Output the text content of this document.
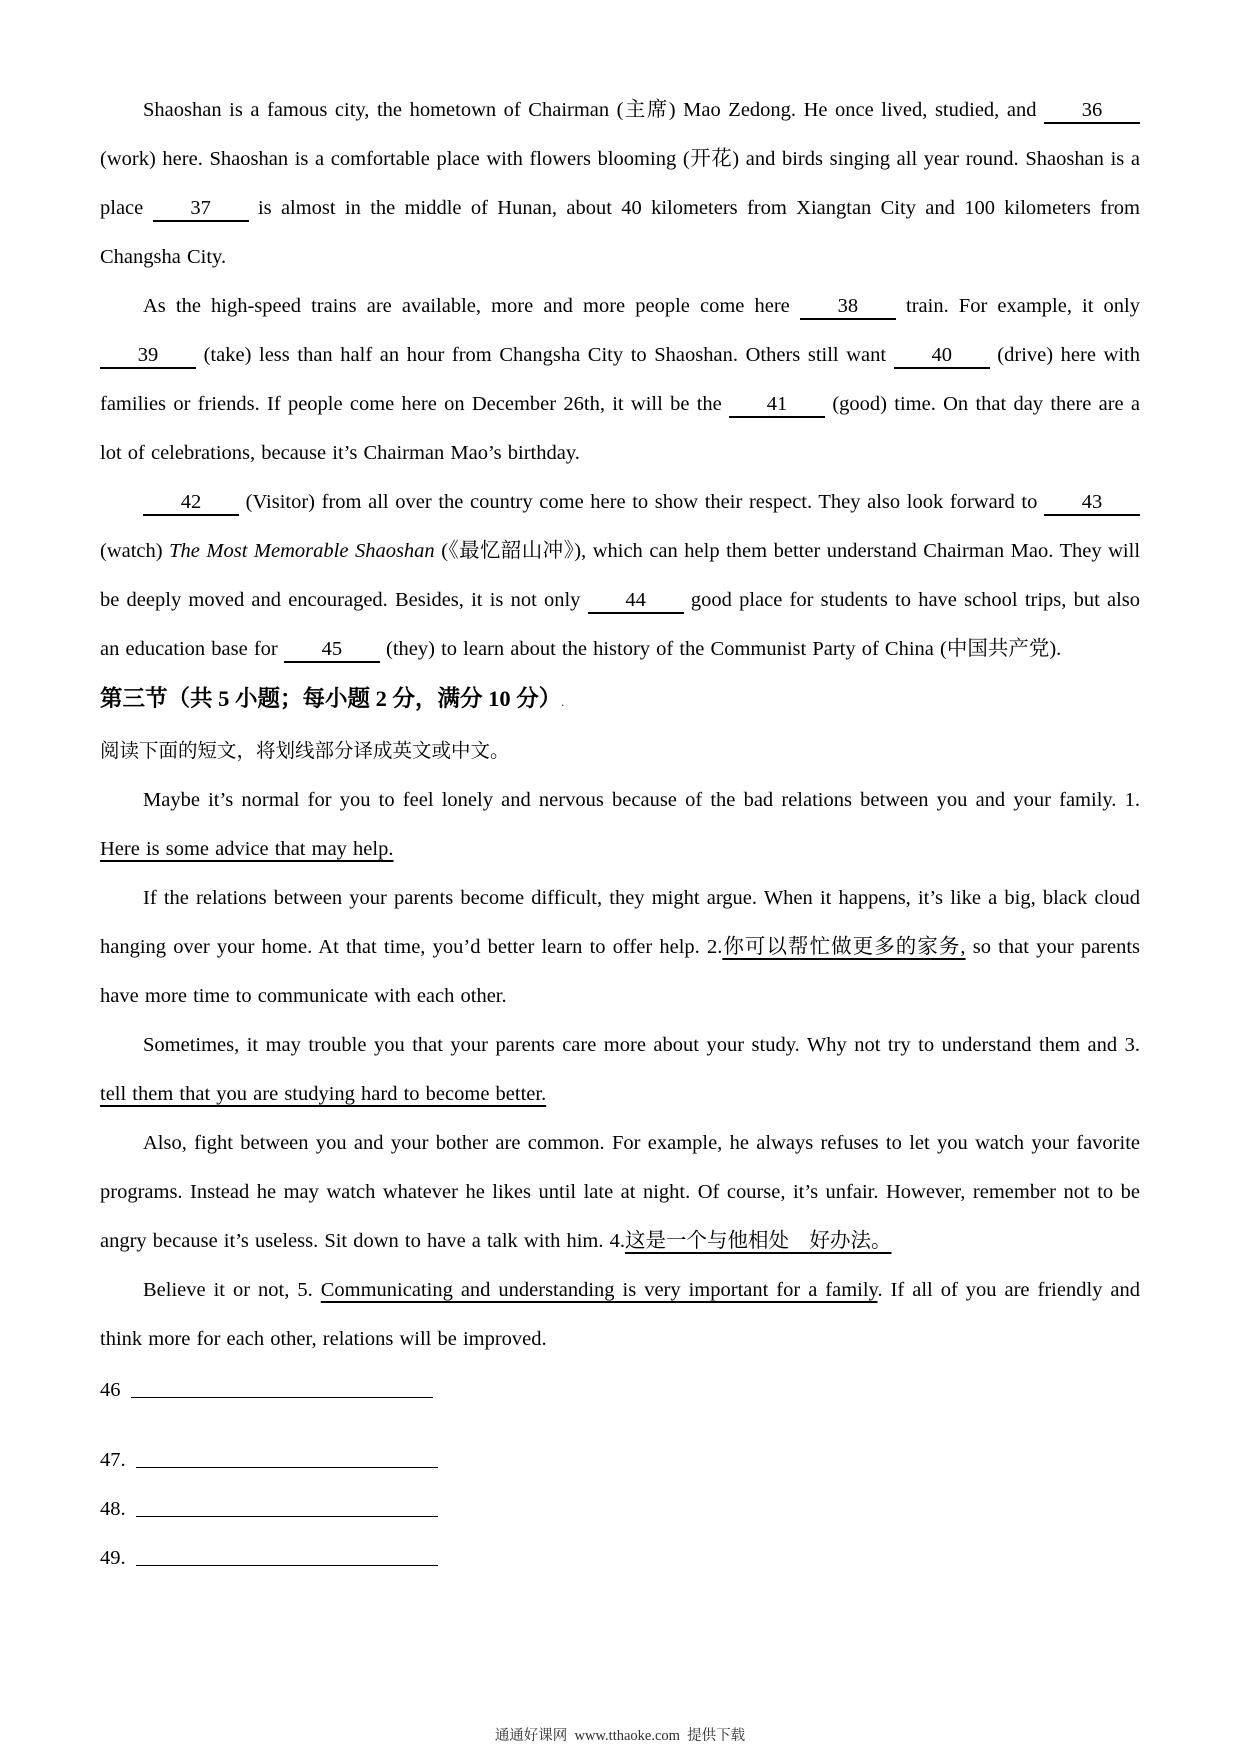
Shaoshan is a famous city, the hometown of Chairman (主席) Mao Zedong. He once lived, studied, and 36 (work) here. Shaoshan is a comfortable place with flowers blooming (开花) and birds singing all year round. Shaoshan is a place 37 is almost in the middle of Hunan, about 40 kilometers from Xiangtan City and 100 kilometers from Changsha City.

As the high-speed trains are available, more and more people come here 38 train. For example, it only 39 (take) less than half an hour from Changsha City to Shaoshan. Others still want 40 (drive) here with families or friends. If people come here on December 26th, it will be the 41 (good) time. On that day there are a lot of celebrations, because it’s Chairman Mao’s birthday.

42 (Visitor) from all over the country come here to show their respect. They also look forward to 43 (watch) The Most Memorable Shaoshan (《最忆韶山冲》), which can help them better understand Chairman Mao. They will be deeply moved and encouraged. Besides, it is not only 44 good place for students to have school trips, but also an education base for 45 (they) to learn about the history of the Communist Party of China (中国共产党).

第三节（共 5 小题；每小题 2 分，满分 10 分）.

阅读下面的短文，将划线部分译成英文或中文。

Maybe it’s normal for you to feel lonely and nervous because of the bad relations between you and your family. 1. Here is some advice that may help.

If the relations between your parents become difficult, they might argue. When it happens, it’s like a big, black cloud hanging over your home. At that time, you’d better learn to offer help. 2.你可以帮忙做更多的家务, so that your parents have more time to communicate with each other.

Sometimes, it may trouble you that your parents care more about your study. Why not try to understand them and 3. tell them that you are studying hard to become better.

Also, fight between you and your bother are common. For example, he always refuses to let you watch your favorite programs. Instead he may watch whatever he likes until late at night. Of course, it’s unfair. However, remember not to be angry because it’s useless. Sit down to have a talk with him. 4.这是一个与他相处　好办法。

Believe it or not, 5. Communicating and understanding is very important for a family. If all of you are friendly and think more for each other, relations will be improved.

46
47.
48.
49.
通通好课网  www.tthaoke.com  提供下载
